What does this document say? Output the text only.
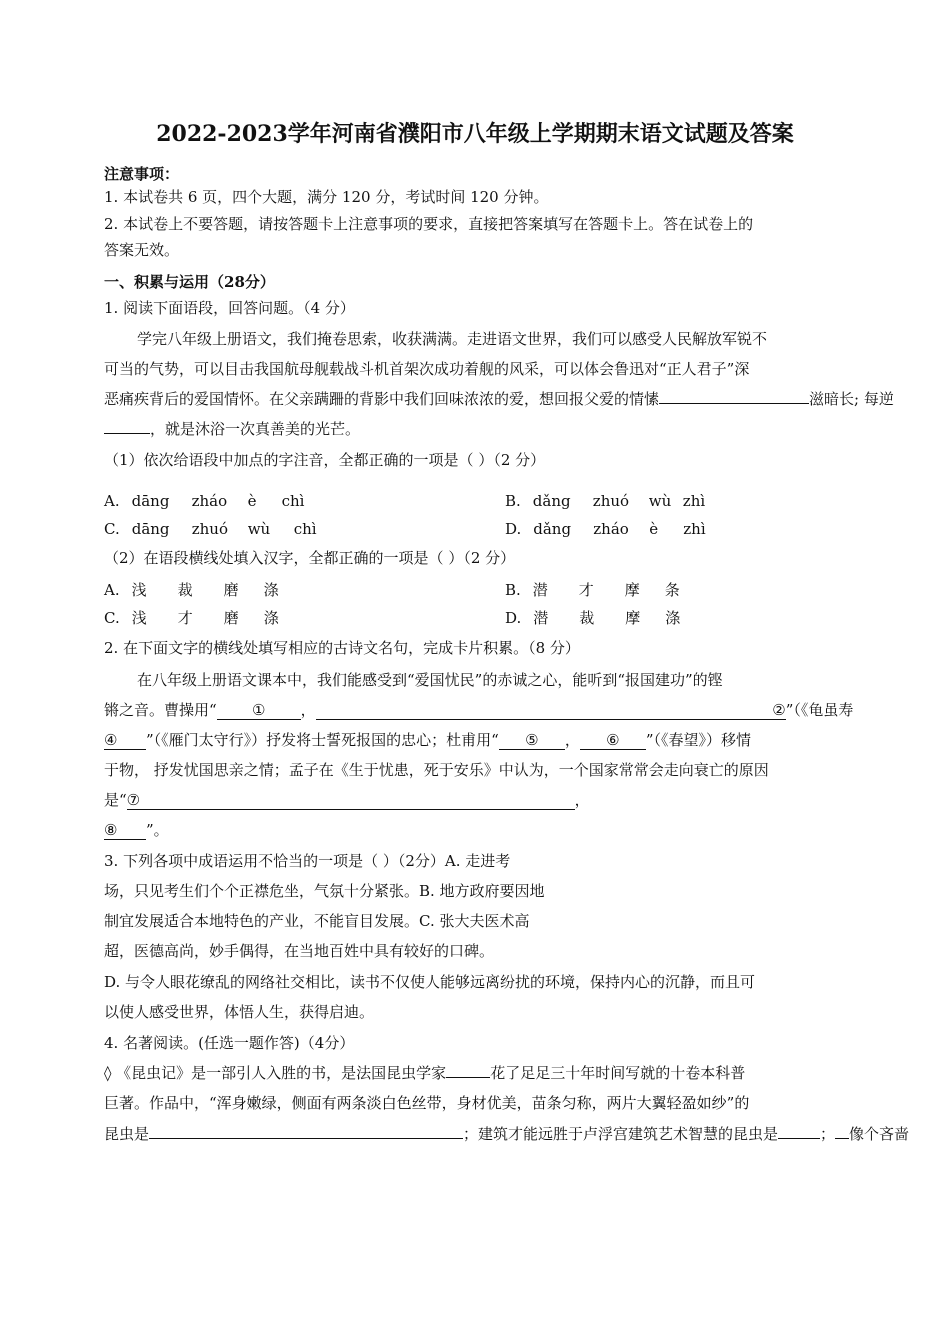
2022-2023学年河南省濮阳市八年级上学期期末语文试题及答案
注意事项：
1. 本试卷共 6 页，四个大题，满分 120 分，考试时间 120 分钟。
2. 本试卷上不要答题，请按答题卡上注意事项的要求，直接把答案填写在答题卡上。答在试卷上的
答案无效。
一、积累与运用（28分）
1. 阅读下面语段，回答问题。（4 分）
学完八年级上册语文，我们掩卷思索，收获满满。走进语文世界，我们可以感受人民解放军锐不
可当的气势，可以目击我国航母舰载战斗机首架次成功着舰的风采，可以体会鲁迅对“正人君子”深
恶痛疾背后的爱国情怀。在父亲蹒跚的背影中我们回味浓浓的爱，想回报父爱的情愫	滋暗长; 每逆
，就是沐浴一次真善美的光芒。
（1）依次给语段中加点的字注音，全都正确的一项是（ ）（2 分）
A. dāng zháo è chì	B. dǎng zhuó wù zhì
C. dāng zhuó wù chì	D. dǎng zháo è zhì
（2）在语段横线处填入汉字，全都正确的一项是（ ）（2 分）
A. 浅 裁 磨 涤	B. 潜 才 摩 条
C. 浅 才 磨 涤	D. 潜 裁 摩 涤
2. 在下面文字的横线处填写相应的古诗文名句，完成卡片积累。（8 分）
在八年级上册语文课本中，我们能感受到“爱国忧民”的赤诚之心，能听到“报国建功”的铿
锵之音。曹操用“ ① ，	②”（《龟虽寿
④ ”（《雁门太守行》）抒发将士誓死报国的忠心；杜甫用“ ⑤ ， ⑥ ”（《春望》）移情
于物， 抒发忧国思亲之情；孟子在《生于忧患，死于安乐》中认为，一个国家常常会走向衰亡的原因
是“⑦	，
⑧ ”。
3. 下列各项中成语运用不恰当的一项是（ ）（2分）A. 走进考
场，只见考生们个个正襟危坐，气氛十分紧张。B. 地方政府要因地
制宜发展适合本地特色的产业，不能盲目发展。C. 张大夫医术高
超，医德高尚，妙手偶得，在当地百姓中具有较好的口碑。
D. 与令人眼花缭乱的网络社交相比，读书不仅使人能够远离纷扰的环境，保持内心的沉静，而且可
以使人感受世界，体悟人生，获得启迪。
4. 名著阅读。(任选一题作答)（4分）
◊ 《昆虫记》是一部引人入胜的书，是法国昆虫学家	花了足足三十年时间写就的十卷本科普
巨著。作品中，“浑身嫩绿，侧面有两条淡白色丝带，身材优美，苗条匀称，两片大翼轻盈如纱”的
昆虫是	；建筑才能远胜于卢浮宫建筑艺术智慧的昆虫是	； 像个吝啬
